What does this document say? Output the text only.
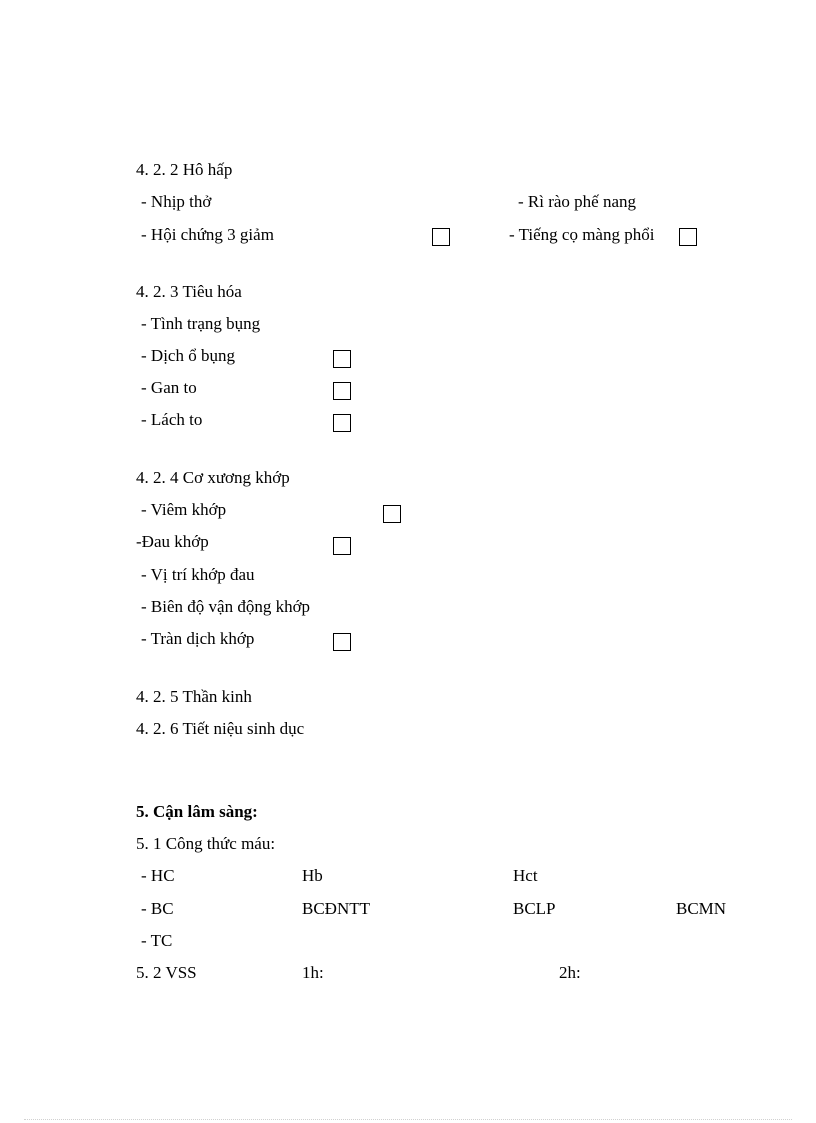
4. 2. 2 Hô hấp
- Nhịp thở	- Rì rào phế nang
- Hội chứng 3 giảm	- Tiếng cọ màng phổi
4. 2. 3 Tiêu hóa
- Tình trạng bụng
- Dịch ổ bụng
- Gan to
- Lách to
4. 2. 4 Cơ xương khớp
- Viêm khớp
-Đau khớp
- Vị trí khớp đau
- Biên độ vận động khớp
- Tràn dịch khớp
4. 2. 5 Thần kinh
4. 2. 6 Tiết niệu sinh dục
5. Cận lâm sàng:
5. 1 Công thức máu:
- HC	Hb	Hct
- BC	BCĐNTT	BCLP	BCMN
- TC
5. 2 VSS	1h:	2h:
